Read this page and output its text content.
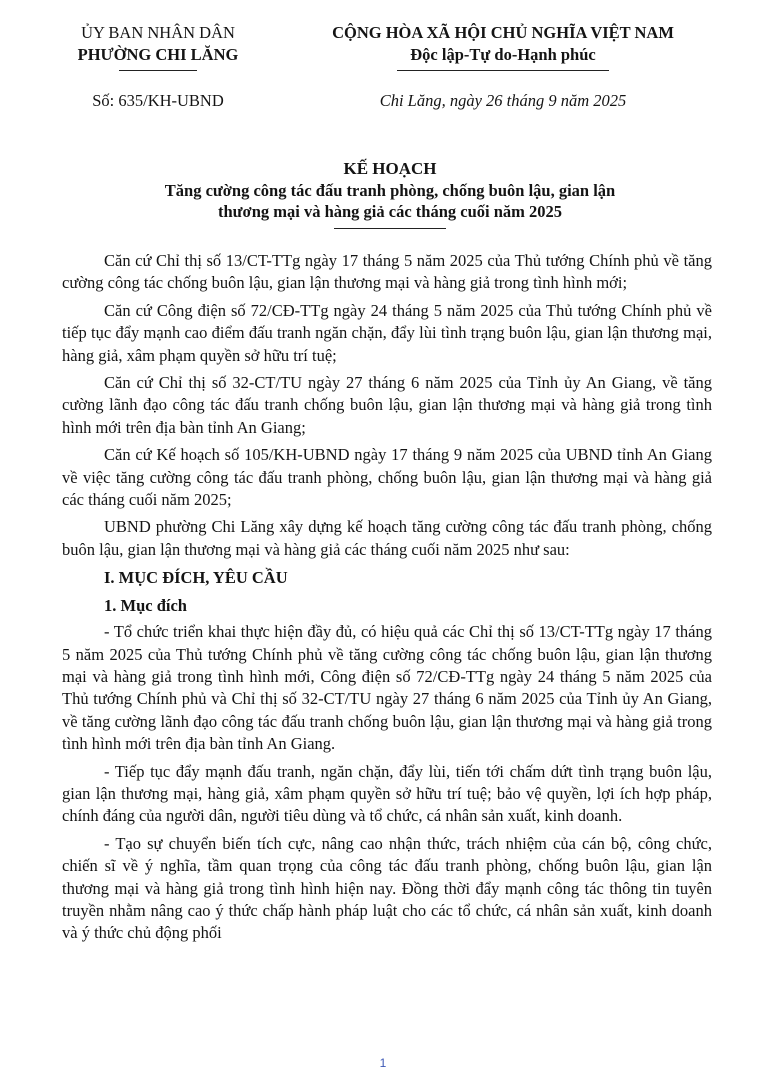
ỦY BAN NHÂN DÂN
PHƯỜNG CHI LĂNG
CỘNG HÒA XÃ HỘI CHỦ NGHĨA VIỆT NAM
Độc lập-Tự do-Hạnh phúc
Số: 635/KH-UBND	Chi Lăng, ngày 26 tháng 9 năm 2025
KẾ HOẠCH
Tăng cường công tác đấu tranh phòng, chống buôn lậu, gian lận
thương mại và hàng giả các tháng cuối năm 2025

Căn cứ Chỉ thị số 13/CT-TTg ngày 17 tháng 5 năm 2025 của Thủ tướng Chính phủ về tăng cường công tác chống buôn lậu, gian lận thương mại và hàng giả trong tình hình mới;

Căn cứ Công điện số 72/CĐ-TTg ngày 24 tháng 5 năm 2025 của Thủ tướng Chính phủ về tiếp tục đẩy mạnh cao điểm đấu tranh ngăn chặn, đẩy lùi tình trạng buôn lậu, gian lận thương mại, hàng giả, xâm phạm quyền sở hữu trí tuệ;

Căn cứ Chỉ thị số 32-CT/TU ngày 27 tháng 6 năm 2025 của Tỉnh ủy An Giang, về tăng cường lãnh đạo công tác đấu tranh chống buôn lậu, gian lận thương mại và hàng giả trong tình hình mới trên địa bàn tỉnh An Giang;

Căn cứ Kế hoạch số 105/KH-UBND ngày 17 tháng 9 năm 2025 của UBND tỉnh An Giang về việc tăng cường công tác đấu tranh phòng, chống buôn lậu, gian lận thương mại và hàng giả các tháng cuối năm 2025;

UBND phường Chi Lăng xây dựng kế hoạch tăng cường công tác đấu tranh phòng, chống buôn lậu, gian lận thương mại và hàng giả các tháng cuối năm 2025 như sau:

I. MỤC ĐÍCH, YÊU CẦU
1. Mục đích

- Tổ chức triển khai thực hiện đầy đủ, có hiệu quả các Chỉ thị số 13/CT-TTg ngày 17 tháng 5 năm 2025 của Thủ tướng Chính phủ về tăng cường công tác chống buôn lậu, gian lận thương mại và hàng giả trong tình hình mới, Công điện số 72/CĐ-TTg ngày 24 tháng 5 năm 2025 của Thủ tướng Chính phủ và Chỉ thị số 32-CT/TU ngày 27 tháng 6 năm 2025 của Tỉnh ủy An Giang, về tăng cường lãnh đạo công tác đấu tranh chống buôn lậu, gian lận thương mại và hàng giả trong tình hình mới trên địa bàn tỉnh An Giang.

- Tiếp tục đẩy mạnh đấu tranh, ngăn chặn, đẩy lùi, tiến tới chấm dứt tình trạng buôn lậu, gian lận thương mại, hàng giả, xâm phạm quyền sở hữu trí tuệ; bảo vệ quyền, lợi ích hợp pháp, chính đáng của người dân, người tiêu dùng và tổ chức, cá nhân sản xuất, kinh doanh.

- Tạo sự chuyển biến tích cực, nâng cao nhận thức, trách nhiệm của cán bộ, công chức, chiến sĩ về ý nghĩa, tầm quan trọng của công tác đấu tranh phòng, chống buôn lậu, gian lận thương mại và hàng giả trong tình hình hiện nay. Đồng thời đẩy mạnh công tác thông tin tuyên truyền nhằm nâng cao ý thức chấp hành pháp luật cho các tổ chức, cá nhân sản xuất, kinh doanh và ý thức chủ động phối

1
